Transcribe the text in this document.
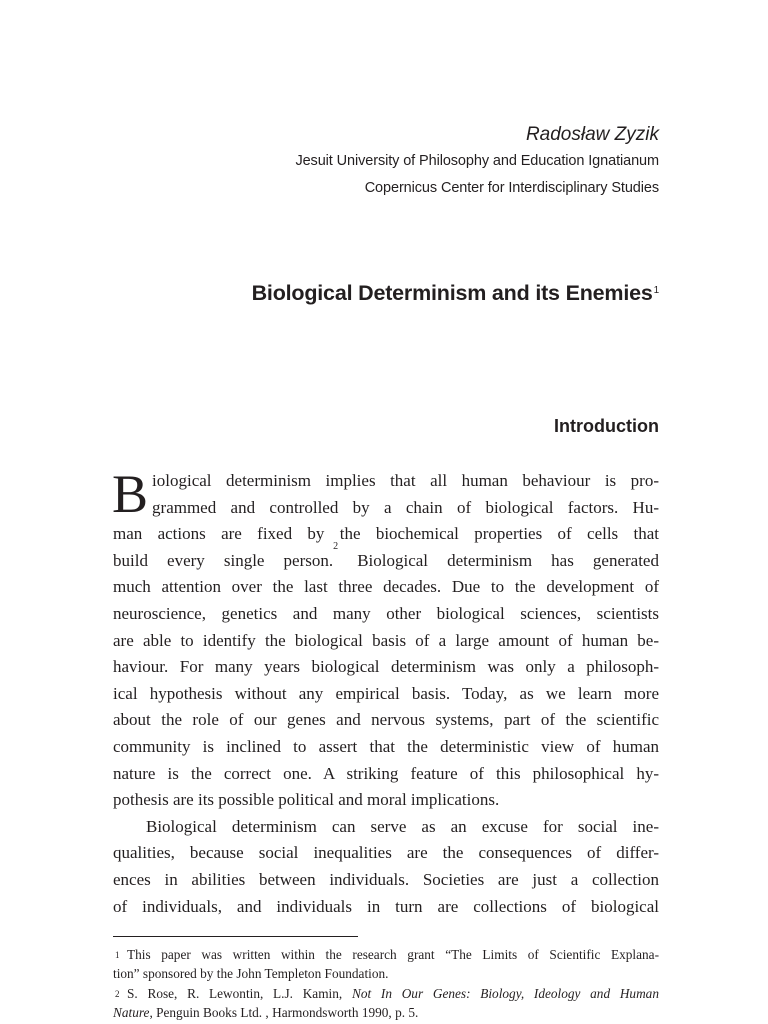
Radosław Zyzik
Jesuit University of Philosophy and Education Ignatianum
Copernicus Center for Interdisciplinary Studies
Biological Determinism and its Enemies$^1$
Introduction
B iological determinism implies that all human behaviour is pro-
grammed and controlled by a chain of biological factors. Hu-
man actions are fixed by the biochemical properties of cells that
build every single person.$^2$ Biological determinism has generated
much attention over the last three decades. Due to the development of
neuroscience, genetics and many other biological sciences, scientists
are able to identify the biological basis of a large amount of human be-
haviour. For many years biological determinism was only a philosoph-
ical hypothesis without any empirical basis. Today, as we learn more
about the role of our genes and nervous systems, part of the scientific
community is inclined to assert that the deterministic view of human
nature is the correct one. A striking feature of this philosophical hy-
pothesis are its possible political and moral implications.
Biological determinism can serve as an excuse for social ine-
qualities, because social inequalities are the consequences of differ-
ences in abilities between individuals. Societies are just a collection
of individuals, and individuals in turn are collections of biological
1 This paper was written within the research grant “The Limits of Scientific Explana-
tion” sponsored by the John Templeton Foundation.
2 S. Rose, R. Lewontin, L.J. Kamin, Not In Our Genes: Biology, Ideology and Human
Nature, Penguin Books Ltd. , Harmondsworth 1990, p. 5.
